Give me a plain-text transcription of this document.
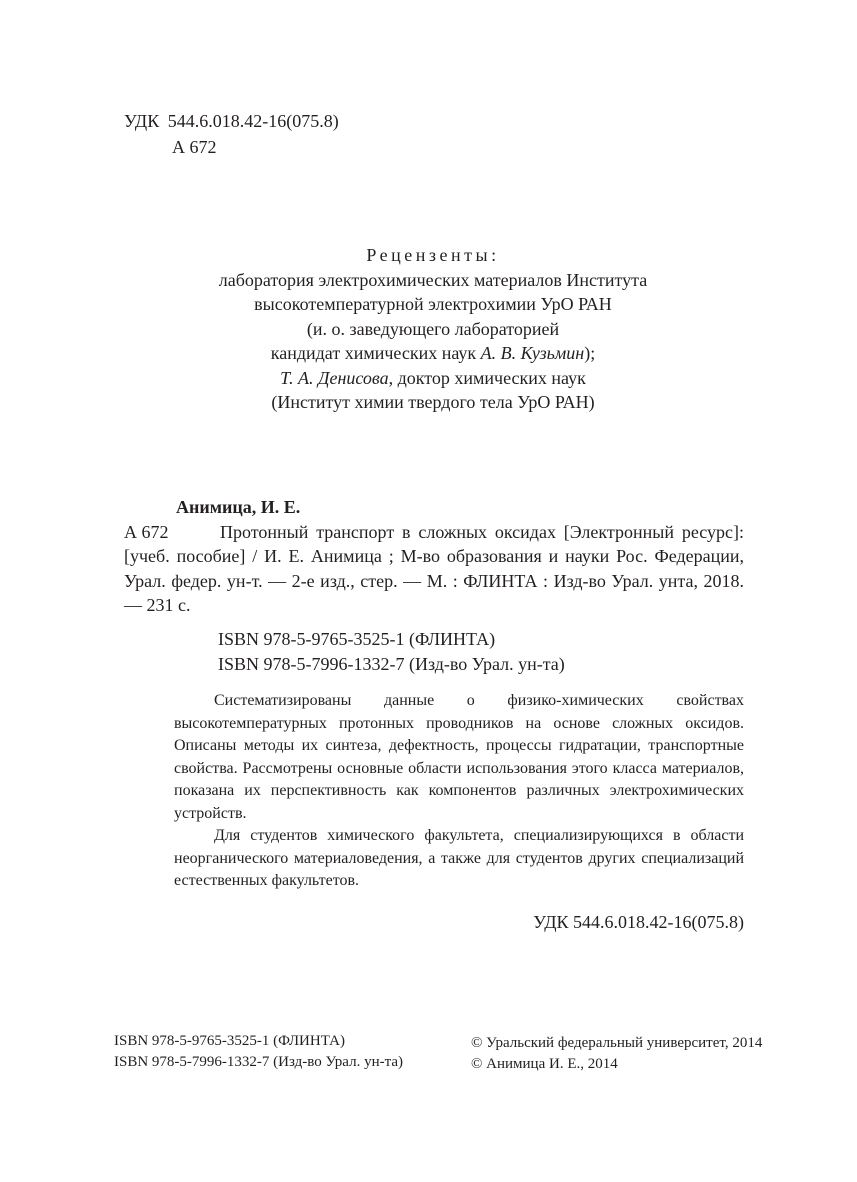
УДК 544.6.018.42-16(075.8)
А 672
Рецензенты:
лаборатория электрохимических материалов Института
высокотемпературной электрохимии УрО РАН
(и. о. заведующего лабораторией
кандидат химических наук А. В. Кузьмин);
Т. А. Денисова, доктор химических наук
(Институт химии твердого тела УрО РАН)
Анимица, И. Е.
А 672	Протонный транспорт в сложных оксидах [Электронный ресурс]: [учеб. пособие] / И. Е. Анимица ; М-во образования и науки Рос. Федерации, Урал. федер. ун-т. — 2-е изд., стер. — М. : ФЛИНТА : Изд-во Урал. унта, 2018. — 231 с.
ISBN 978-5-9765-3525-1 (ФЛИНТА)
ISBN 978-5-7996-1332-7 (Изд-во Урал. ун-та)

Систематизированы данные о физико-химических свойствах высокотемпературных протонных проводников на основе сложных оксидов. Описаны методы их синтеза, дефектность, процессы гидратации, транспортные свойства. Рассмотрены основные области использования этого класса материалов, показана их перспективность как компонентов различных электрохимических устройств.

Для студентов химического факультета, специализирующихся в области неорганического материаловедения, а также для студентов других специализаций естественных факультетов.

УДК 544.6.018.42-16(075.8)
ISBN 978-5-9765-3525-1 (ФЛИНТА)
ISBN 978-5-7996-1332-7 (Изд-во Урал. ун-та)
© Уральский федеральный университет, 2014
© Анимица И. Е., 2014
